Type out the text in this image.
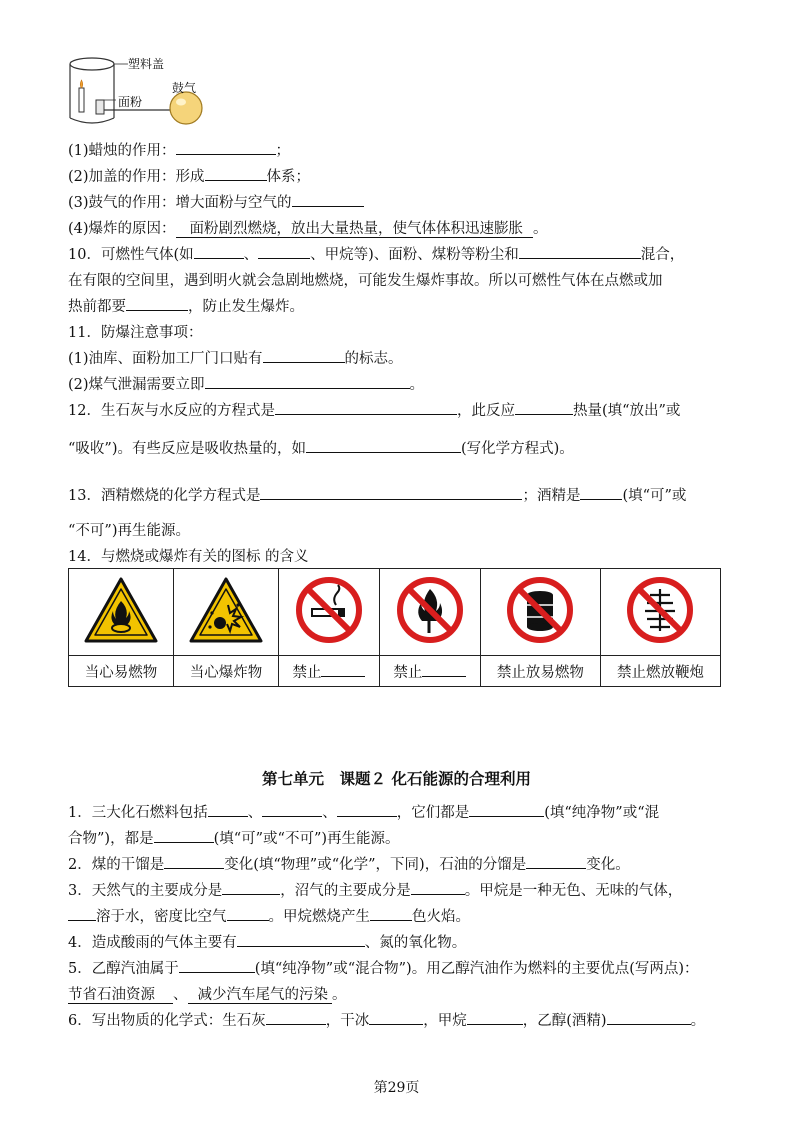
塑料盖
面粉
鼓气
(1)蜡烛的作用：	；
(2)加盖的作用：形成	体系；
(3)鼓气的作用：增大面粉与空气的
(4)爆炸的原因： 面粉剧烈燃烧，放出大量热量，使气体体积迅速膨胀 。
10．可燃性气体(如	、	、甲烷等)、面粉、煤粉等粉尘和	混合，
在有限的空间里，遇到明火就会急剧地燃烧，可能发生爆炸事故。所以可燃性气体在点燃或加
热前都要	，防止发生爆炸。
11．防爆注意事项：
(1)油库、面粉加工厂门口贴有	的标志。
(2)煤气泄漏需要立即	。
12．生石灰与水反应的方程式是	，此反应	热量(填“放出”或
“吸收”)。有些反应是吸收热量的，如	(写化学方程式)。
13．酒精燃烧的化学方程式是	；酒精是	(填“可”或
“不可”)再生能源。
14．与燃烧或爆炸有关的图标 的含义

当心易燃物	当心爆炸物	禁止	禁止	禁止放易燃物	禁止燃放鞭炮
第七单元　课题２ 化石能源的合理利用
1．三大化石燃料包括	、	、	，它们都是	(填“纯净物”或“混
合物”)，都是	(填“可”或“不可”)再生能源。
2．煤的干馏是	变化(填“物理”或“化学”，下同)，石油的分馏是	变化。
3．天然气的主要成分是	，沼气的主要成分是	。甲烷是一种无色、无味的气体，
溶于水，密度比空气	。甲烷燃烧产生	色火焰。
4．造成酸雨的气体主要有	、氮的氧化物。
5．乙醇汽油属于	(填“纯净物”或“混合物”)。用乙醇汽油作为燃料的主要优点(写两点)：
节省石油资源 、 减少汽车尾气的污染 。
6．写出物质的化学式：生石灰	，干冰	，甲烷	，乙醇(酒精)	。
第29页
